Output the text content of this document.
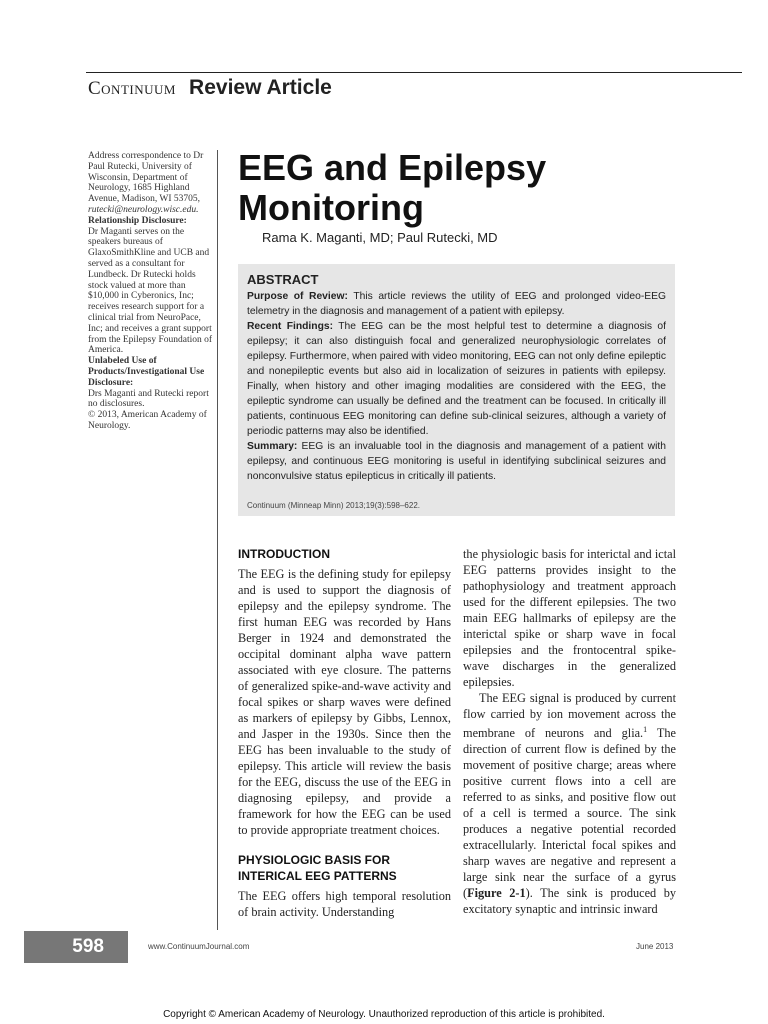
Continuum Review Article

Address correspondence to Dr Paul Rutecki, University of Wisconsin, Department of Neurology, 1685 Highland Avenue, Madison, WI 53705, rutecki@neurology.wisc.edu.

Relationship Disclosure:

Dr Maganti serves on the speakers bureaus of GlaxoSmithKline and UCB and served as a consultant for Lundbeck. Dr Rutecki holds stock valued at more than $10,000 in Cyberonics, Inc; receives research support for a clinical trial from NeuroPace, Inc; and receives a grant support from the Epilepsy Foundation of America.

Unlabeled Use of Products/Investigational Use Disclosure:

Drs Maganti and Rutecki report no disclosures.

© 2013, American Academy of Neurology.

EEG and Epilepsy Monitoring
Rama K. Maganti, MD; Paul Rutecki, MD
ABSTRACT

Purpose of Review: This article reviews the utility of EEG and prolonged video-EEG telemetry in the diagnosis and management of a patient with epilepsy.

Recent Findings: The EEG can be the most helpful test to determine a diagnosis of epilepsy; it can also distinguish focal and generalized neurophysiologic correlates of epilepsy. Furthermore, when paired with video monitoring, EEG can not only define epileptic and nonepileptic events but also aid in localization of seizures in patients with epilepsy. Finally, when history and other imaging modalities are considered with the EEG, the epileptic syndrome can usually be defined and the treatment can be focused. In critically ill patients, continuous EEG monitoring can define sub-clinical seizures, although a variety of periodic patterns may also be identified.

Summary: EEG is an invaluable tool in the diagnosis and management of a patient with epilepsy, and continuous EEG monitoring is useful in identifying subclinical seizures and nonconvulsive status epilepticus in critically ill patients.

Continuum (Minneap Minn) 2013;19(3):598–622.

INTRODUCTION

The EEG is the defining study for epilepsy and is used to support the diagnosis of epilepsy and the epilepsy syndrome. The first human EEG was recorded by Hans Berger in 1924 and demonstrated the occipital dominant alpha wave pattern associated with eye closure. The patterns of generalized spike-and-wave activity and focal spikes or sharp waves were defined as markers of epilepsy by Gibbs, Lennox, and Jasper in the 1930s. Since then the EEG has been invaluable to the study of epilepsy. This article will review the basis for the EEG, discuss the use of the EEG in diagnosing epilepsy, and provide a framework for how the EEG can be used to provide appropriate treatment choices.

PHYSIOLOGIC BASIS FOR INTERICAL EEG PATTERNS

The EEG offers high temporal resolution of brain activity. Understanding

the physiologic basis for interictal and ictal EEG patterns provides insight to the pathophysiology and treatment approach used for the different epilepsies. The two main EEG hallmarks of epilepsy are the interictal spike or sharp wave in focal epilepsies and the frontocentral spike-wave discharges in the generalized epilepsies.

The EEG signal is produced by current flow carried by ion movement across the membrane of neurons and glia.$^1$ The direction of current flow is defined by the movement of positive charge; areas where positive current flows into a cell are referred to as sinks, and positive flow out of a cell is termed a source. The sink produces a negative potential recorded extracellularly. Interictal focal spikes and sharp waves are negative and represent a large sink near the surface of a gyrus (Figure 2-1). The sink is produced by excitatory synaptic and intrinsic inward

598	www.ContinuumJournal.com	June 2013
Copyright © American Academy of Neurology. Unauthorized reproduction of this article is prohibited.
